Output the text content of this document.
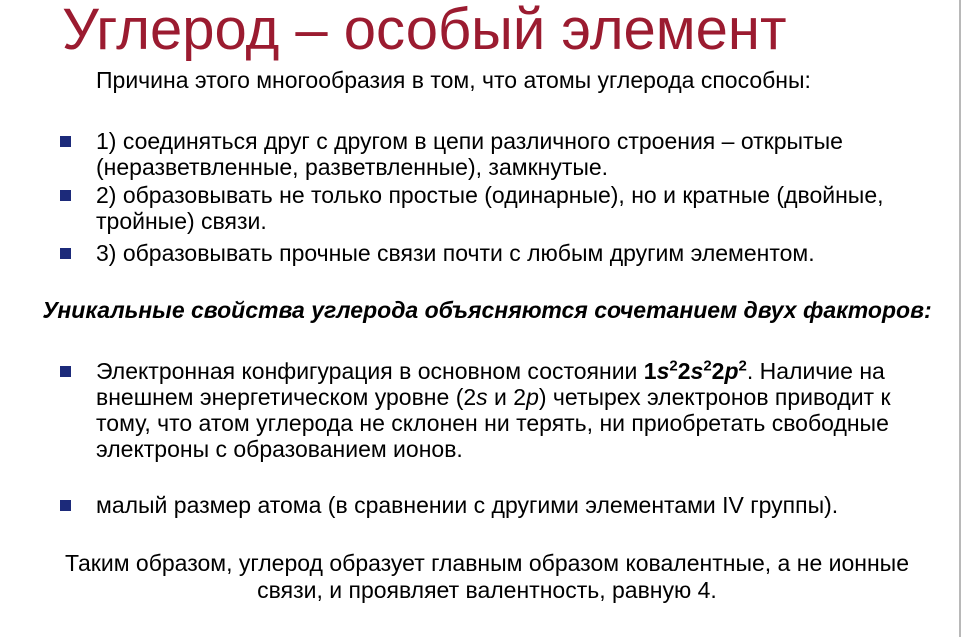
Углерод – особый элемент

Причина этого многообразия в том, что атомы углерода способны:

1) соединяться друг с другом в цепи различного строения – открытые (неразветвленные, разветвленные), замкнутые.

2) образовывать не только простые (одинарные), но и кратные (двойные, тройные) связи.

3) образовывать прочные связи почти с любым другим элементом.

Уникальные свойства углерода объясняются сочетанием двух факторов:

Электронная конфигурация в основном состоянии $1s^22s^22p^2$. Наличие на внешнем энергетическом уровне (2s и 2p) четырех электронов приводит к тому, что атом углерода не склонен ни терять, ни приобретать свободные электроны с образованием ионов.

малый размер атома (в сравнении с другими элементами IV группы).

Таким образом, углерод образует главным образом ковалентные, а не ионные связи, и проявляет валентность, равную 4.
